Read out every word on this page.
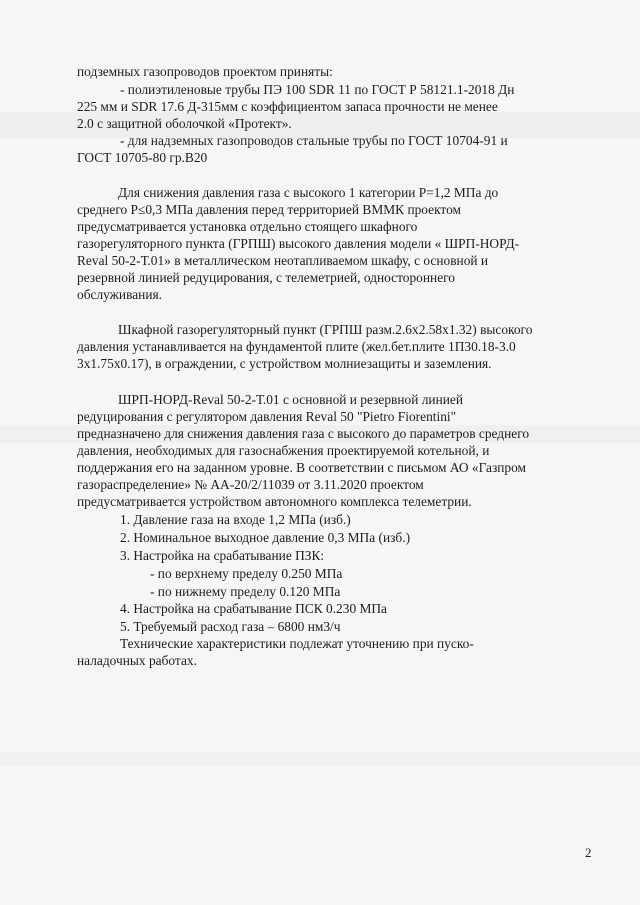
подземных газопроводов проектом приняты:
- полиэтиленовые трубы ПЭ 100 SDR 11 по ГОСТ Р 58121.1-2018 Дн
225 мм и SDR 17.6 Д-315мм с коэффициентом запаса прочности не менее
2.0 с защитной оболочкой «Протект».
- для надземных газопроводов стальные трубы по ГОСТ 10704-91 и
ГОСТ 10705-80 гр.В20
Для снижения давления газа с высокого 1 категории Р=1,2 МПа до
среднего Р≤0,3 МПа давления перед территорией ВММК проектом
предусматривается установка отдельно стоящего шкафного
газорегуляторного пункта (ГРПШ) высокого давления модели « ШРП-НОРД-
Reval 50-2-Т.01» в металлическом неотапливаемом шкафу, с основной и
резервной линией редуцирования, с телеметрией, одностороннего
обслуживания.
Шкафной газорегуляторный пункт (ГРПШ разм.2.6х2.58х1.32) высокого
давления устанавливается на фундаментой плите (жел.бет.плите 1П30.18-3.0
3х1.75х0.17), в ограждении, с устройством молниезащиты и заземления.
ШРП-НОРД-Reval 50-2-Т.01 с основной и резервной линией
редуцирования с регулятором давления Reval 50 "Pietro Fiorentini"
предназначено для снижения давления газа с высокого до параметров среднего
давления, необходимых для газоснабжения проектируемой котельной, и
поддержания его на заданном уровне. В соответствии с письмом АО «Газпром
газораспределение» № АА-20/2/11039 от 3.11.2020 проектом
предусматривается устройством автономного комплекса телеметрии.
1. Давление газа на входе 1,2 МПа (изб.)
2. Номинальное выходное давление 0,3 МПа (изб.)
3. Настройка на срабатывание ПЗК:
- по верхнему пределу 0.250 МПа
- по нижнему пределу 0.120 МПа
4. Настройка на срабатывание ПСК 0.230 МПа
5. Требуемый расход газа – 6800 нм3/ч
Технические характеристики подлежат уточнению при пуско-
наладочных работах.
2
